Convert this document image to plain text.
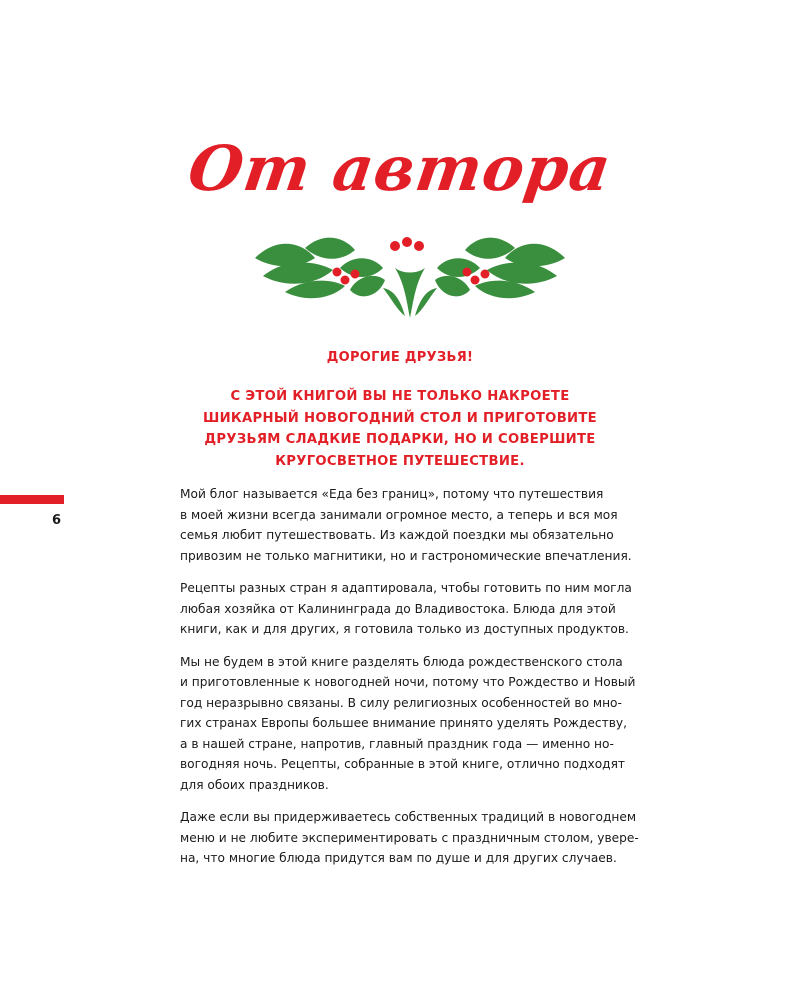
От автора
ДОРОГИЕ ДРУЗЬЯ!
С ЭТОЙ КНИГОЙ ВЫ НЕ ТОЛЬКО НАКРОЕТЕ
ШИКАРНЫЙ НОВОГОДНИЙ СТОЛ И ПРИГОТОВИТЕ
ДРУЗЬЯМ СЛАДКИЕ ПОДАРКИ, НО И СОВЕРШИТЕ
КРУГОСВЕТНОЕ ПУТЕШЕСТВИЕ.

Мой блог называется «Еда без границ», потому что путешествия
в моей жизни всегда занимали огромное место, а теперь и вся моя
семья любит путешествовать. Из каждой поездки мы обязательно
привозим не только магнитики, но и гастрономические впечатления.

Рецепты разных стран я адаптировала, чтобы готовить по ним могла
любая хозяйка от Калининграда до Владивостока. Блюда для этой
книги, как и для других, я готовила только из доступных продуктов.

Мы не будем в этой книге разделять блюда рождественского стола
и приготовленные к новогодней ночи, потому что Рождество и Новый
год неразрывно связаны. В силу религиозных особенностей во мно-
гих странах Европы большее внимание принято уделять Рождеству,
а в нашей стране, напротив, главный праздник года — именно но-
вогодняя ночь. Рецепты, собранные в этой книге, отлично подходят
для обоих праздников.

Даже если вы придерживаетесь собственных традиций в новогоднем
меню и не любите экспериментировать с праздничным столом, увере-
на, что многие блюда придутся вам по душе и для других случаев.

6
